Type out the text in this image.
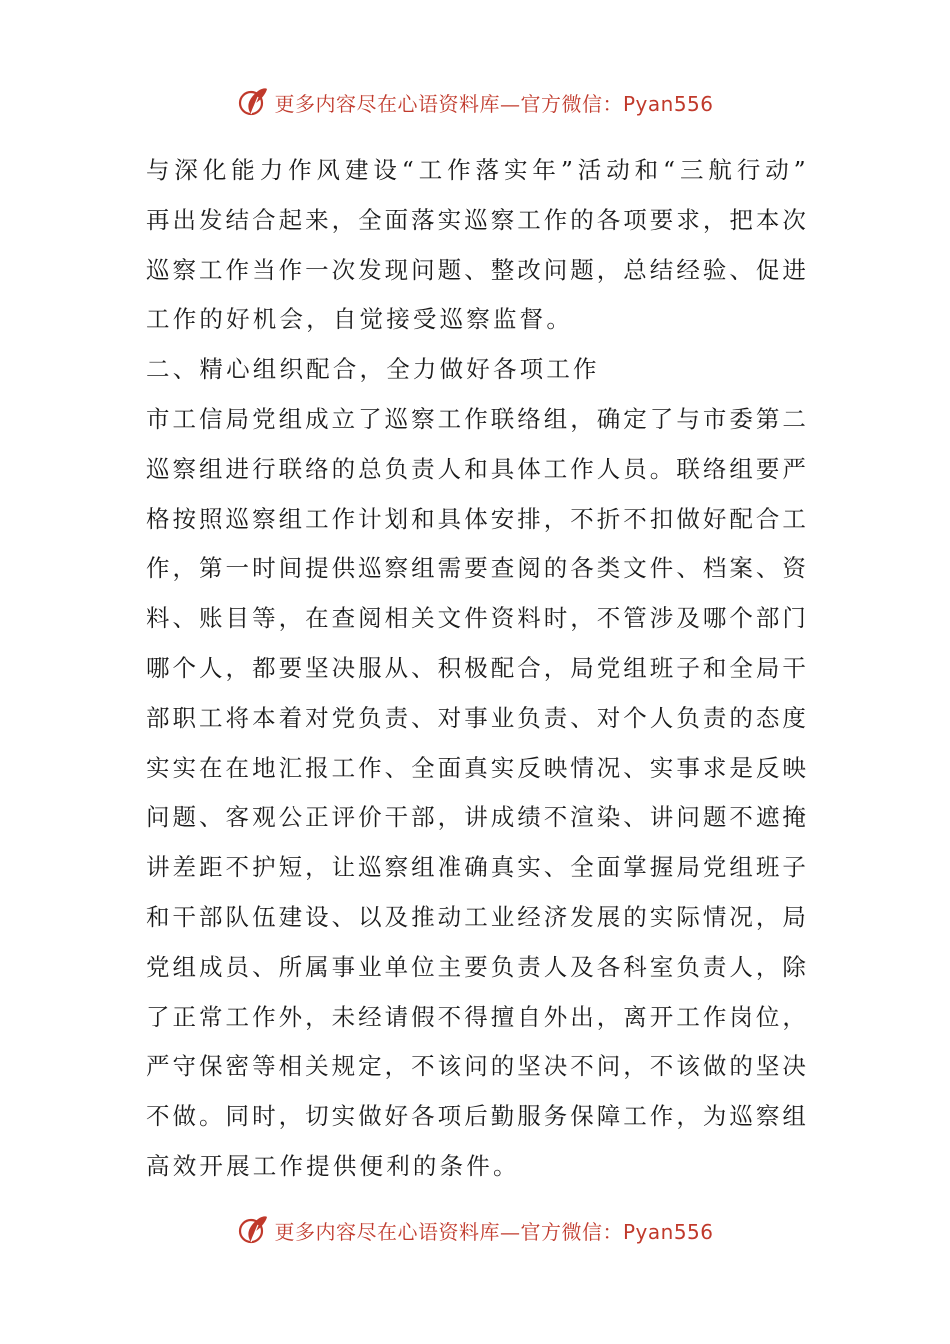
更多内容尽在心语资料库—官方微信：Pyan556
与 深 化 能 力 作 风 建 设 “ 工 作 落 实 年 ” 活 动 和 “ 三 航 行 动 ”
再 出 发 结 合 起 来 ， 全 面 落 实 巡 察 工 作 的 各 项 要 求 ， 把 本 次
巡 察 工 作 当 作 一 次 发 现 问 题 、 整 改 问 题 ， 总 结 经 验 、 促 进
工 作 的 好 机 会 ， 自 觉 接 受 巡 察 监 督 。
二 、 精 心 组 织 配 合 ， 全 力 做 好 各 项 工 作
市 工 信 局 党 组 成 立 了 巡 察 工 作 联 络 组 ， 确 定 了 与 市 委 第 二
巡 察 组 进 行 联 络 的 总 负 责 人 和 具 体 工 作 人 员 。 联 络 组 要 严
格 按 照 巡 察 组 工 作 计 划 和 具 体 安 排 ， 不 折 不 扣 做 好 配 合 工
作 ， 第 一 时 间 提 供 巡 察 组 需 要 查 阅 的 各 类 文 件 、 档 案 、 资
料 、 账 目 等 ， 在 查 阅 相 关 文 件 资 料 时 ， 不 管 涉 及 哪 个 部 门
哪 个 人 ， 都 要 坚 决 服 从 、 积 极 配 合 ， 局 党 组 班 子 和 全 局 干
部 职 工 将 本 着 对 党 负 责 、 对 事 业 负 责 、 对 个 人 负 责 的 态 度
实 实 在 在 地 汇 报 工 作 、 全 面 真 实 反 映 情 况 、 实 事 求 是 反 映
问 题 、 客 观 公 正 评 价 干 部 ， 讲 成 绩 不 渲 染 、 讲 问 题 不 遮 掩
讲 差 距 不 护 短 ， 让 巡 察 组 准 确 真 实 、 全 面 掌 握 局 党 组 班 子
和 干 部 队 伍 建 设 、 以 及 推 动 工 业 经 济 发 展 的 实 际 情 况 ， 局
党 组 成 员 、 所 属 事 业 单 位 主 要 负 责 人 及 各 科 室 负 责 人 ， 除
了 正 常 工 作 外 ， 未 经 请 假 不 得 擅 自 外 出 ， 离 开 工 作 岗 位 ，
严 守 保 密 等 相 关 规 定 ， 不 该 问 的 坚 决 不 问 ， 不 该 做 的 坚 决
不 做 。 同 时 ， 切 实 做 好 各 项 后 勤 服 务 保 障 工 作 ， 为 巡 察 组
高 效 开 展 工 作 提 供 便 利 的 条 件 。
更多内容尽在心语资料库—官方微信：Pyan556
